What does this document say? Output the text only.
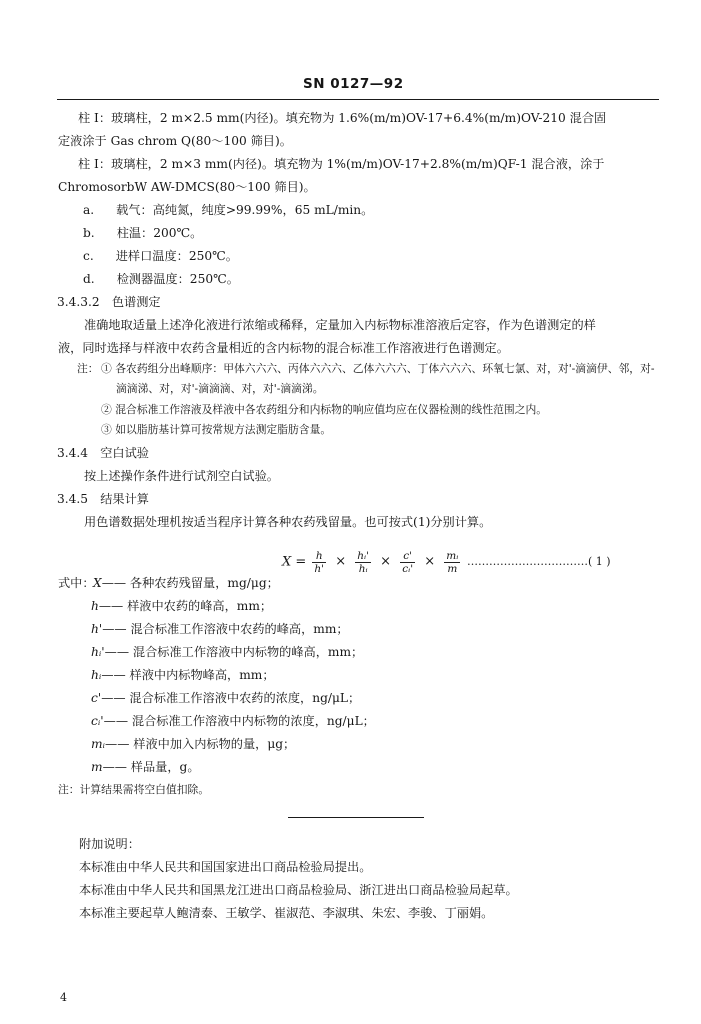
SN 0127—92
柱 I：玻璃柱，2 m×2.5 mm(内径)。填充物为 1.6%(m/m)OV-17+6.4%(m/m)OV-210 混合固
定液涂于 Gas chrom Q(80～100 筛目)。
柱 I：玻璃柱，2 m×3 mm(内径)。填充物为 1%(m/m)OV-17+2.8%(m/m)QF-1 混合液，涂于
ChromosorbW AW-DMCS(80～100 筛目)。
a. 载气：高纯氮，纯度>99.99%，65 mL/min。
b. 柱温：200℃。
c. 进样口温度：250℃。
d. 检测器温度：250℃。
3.4.3.2　色谱测定
准确地取适量上述净化液进行浓缩或稀释，定量加入内标物标准溶液后定容，作为色谱测定的样
液，同时选择与样液中农药含量相近的含内标物的混合标准工作溶液进行色谱测定。
注： ① 各农药组分出峰顺序：甲体六六六、丙体六六六、乙体六六六、丁体六六六、环氧七氯、对，对'-滴滴伊、邻，对-
滴滴涕、对，对'-滴滴滴、对，对'-滴滴涕。
② 混合标准工作溶液及样液中各农药组分和内标物的响应值均应在仪器检测的线性范围之内。
③ 如以脂肪基计算可按常规方法测定脂肪含量。
3.4.4　空白试验
按上述操作条件进行试剂空白试验。
3.4.5　结果计算
用色谱数据处理机按适当程序计算各种农药残留量。也可按式(1)分别计算。
$X = \frac{h}{h'} \times \frac{\text{hᵢ'}}{\text{hᵢ}} \times \frac{c'}{\text{cᵢ'}} \times \frac{\text{mᵢ}}{m}$ ……………………………( 1 )
式中：
X—— 各种农药残留量，mg/μg；
h—— 样液中农药的峰高，mm；
h'—— 混合标准工作溶液中农药的峰高，mm；
hᵢ'—— 混合标准工作溶液中内标物的峰高，mm；
hᵢ—— 样液中内标物峰高，mm；
c'—— 混合标准工作溶液中农药的浓度，ng/μL；
cᵢ'—— 混合标准工作溶液中内标物的浓度，ng/μL；
mᵢ—— 样液中加入内标物的量，μg；
m—— 样品量，g。
注：计算结果需将空白值扣除。
附加说明：
本标准由中华人民共和国国家进出口商品检验局提出。
本标准由中华人民共和国黑龙江进出口商品检验局、浙江进出口商品检验局起草。
本标准主要起草人鲍清泰、王敏学、崔淑范、李淑琪、朱宏、李骏、丁丽娟。
4
